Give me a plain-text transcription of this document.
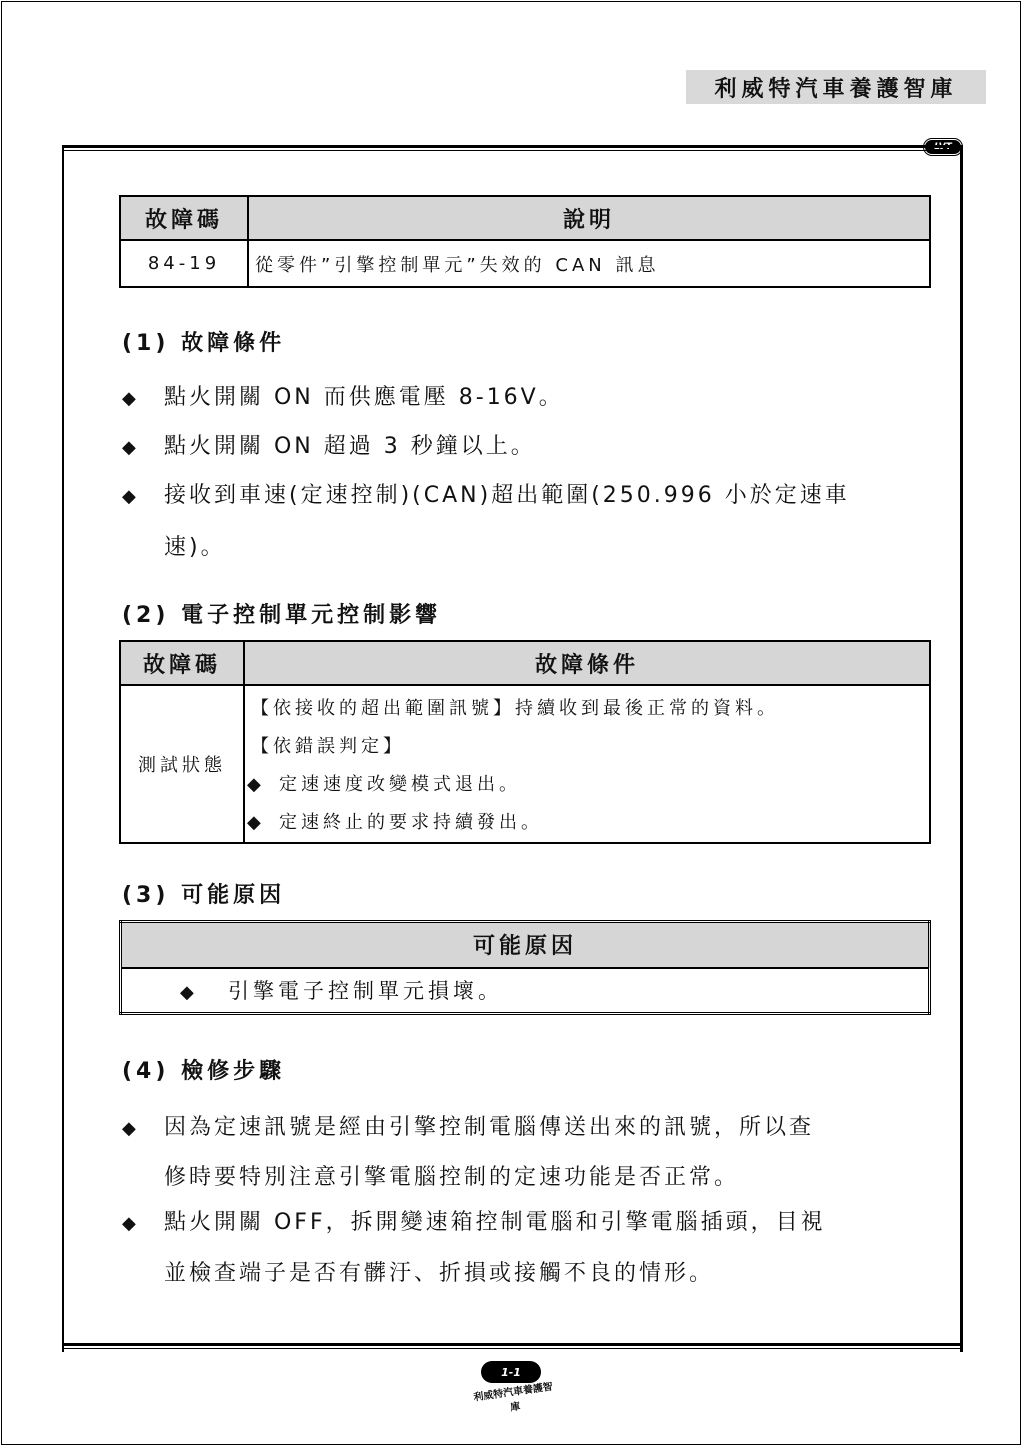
利威特汽車養護智庫
LVT
故障碼	說明
84-19	從零件”引擎控制單元”失效的 CAN 訊息
(1) 故障條件
◆ 點火開關 ON 而供應電壓 8-16V。
◆ 點火開關 ON 超過 3 秒鐘以上。
◆ 接收到車速(定速控制)(CAN)超出範圍(250.996 小於定速車
速)。
(2) 電子控制單元控制影響
故障碼	故障條件
測試狀態	【依接收的超出範圍訊號】持續收到最後正常的資料。
【依錯誤判定】
◆ 定速速度改變模式退出。
◆ 定速終止的要求持續發出。
(3) 可能原因
可能原因
◆ 引擎電子控制單元損壞。
(4) 檢修步驟
◆ 因為定速訊號是經由引擎控制電腦傳送出來的訊號，所以查
修時要特別注意引擎電腦控制的定速功能是否正常。
◆ 點火開關 OFF，拆開變速箱控制電腦和引擎電腦插頭，目視
並檢查端子是否有髒汙、折損或接觸不良的情形。
1-1
利威特汽車養護智庫
